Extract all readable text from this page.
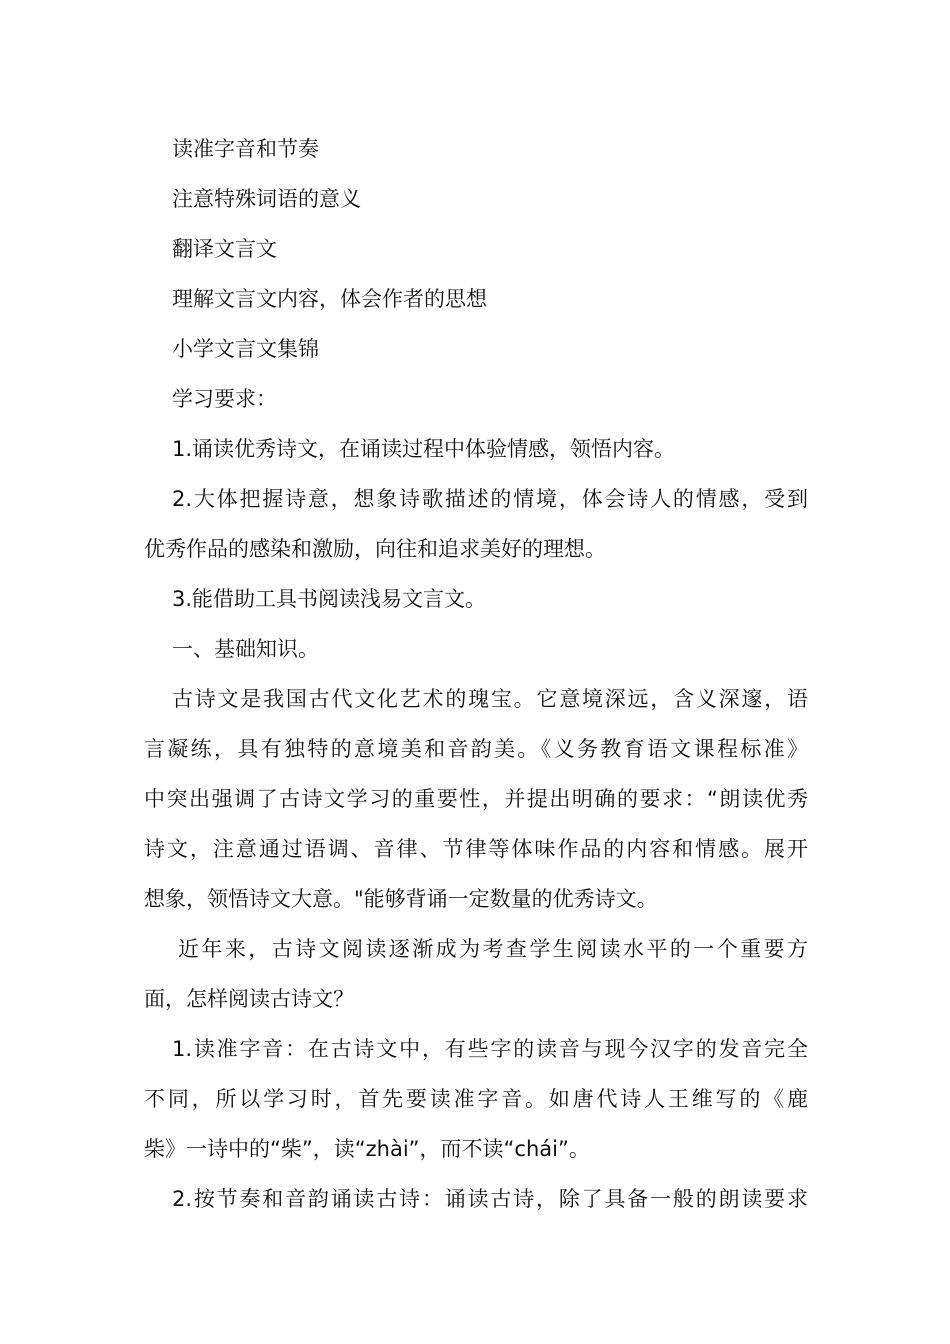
读准字音和节奏

注意特殊词语的意义

翻译文言文

理解文言文内容，体会作者的思想

小学文言文集锦

学习要求：

1.诵读优秀诗文，在诵读过程中体验情感，领悟内容。

2.大体把握诗意，想象诗歌描述的情境，体会诗人的情感，受到

优秀作品的感染和激励，向往和追求美好的理想。

3.能借助工具书阅读浅易文言文。

一、基础知识。

古诗文是我国古代文化艺术的瑰宝。它意境深远，含义深邃，语

言凝练，具有独特的意境美和音韵美。《义务教育语文课程标准》

中突出强调了古诗文学习的重要性，并提出明确的要求：“朗读优秀

诗文，注意通过语调、音律、节律等体味作品的内容和情感。展开

想象，领悟诗文大意。"能够背诵一定数量的优秀诗文。

近年来，古诗文阅读逐渐成为考查学生阅读水平的一个重要方

面，怎样阅读古诗文？

1.读准字音：在古诗文中，有些字的读音与现今汉字的发音完全

不同，所以学习时，首先要读准字音。如唐代诗人王维写的《鹿

柴》一诗中的“柴”，读“zhài”，而不读“chái”。

2.按节奏和音韵诵读古诗：诵读古诗，除了具备一般的朗读要求
